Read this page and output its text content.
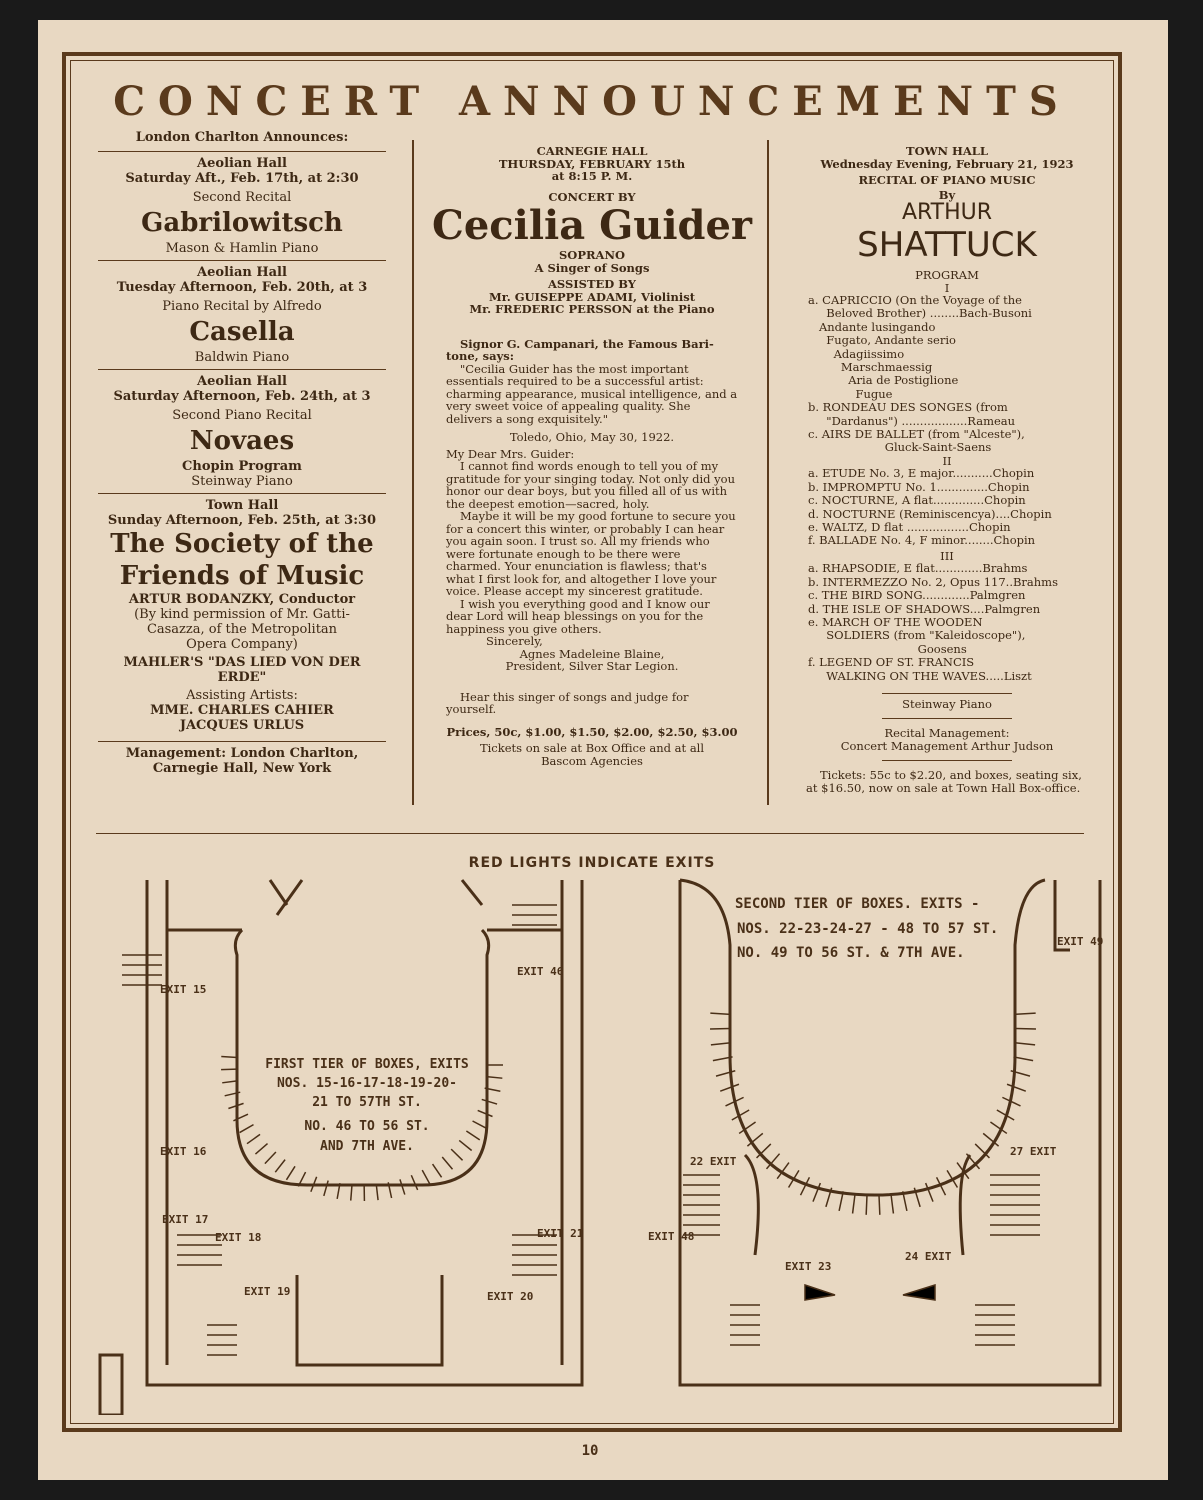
CONCERT ANNOUNCEMENTS

London Charlton Announces:

Aeolian Hall

Saturday Aft., Feb. 17th, at 2:30

Second Recital

Gabrilowitsch

Mason & Hamlin Piano

Aeolian Hall

Tuesday Afternoon, Feb. 20th, at 3

Piano Recital by Alfredo

Casella

Baldwin Piano

Aeolian Hall

Saturday Afternoon, Feb. 24th, at 3

Second Piano Recital

Novaes

Chopin Program

Steinway Piano

Town Hall

Sunday Afternoon, Feb. 25th, at 3:30

The Society of the

Friends of Music

ARTUR BODANZKY, Conductor

(By kind permission of Mr. Gatti-

Casazza, of the Metropolitan

Opera Company)

MAHLER'S "DAS LIED VON DER

ERDE"

Assisting Artists:

MME. CHARLES CAHIER

JACQUES URLUS

Management: London Charlton,

Carnegie Hall, New York

CARNEGIE HALL

THURSDAY, FEBRUARY 15th

at 8:15 P. M.

CONCERT BY

Cecilia Guider

SOPRANO

A Singer of Songs

ASSISTED BY

Mr. GUISEPPE ADAMI, Violinist

Mr. FREDERIC PERSSON at the Piano

Signor G. Campanari, the Famous Bari-

tone, says:

"Cecilia Guider has the most important essentials required to be a successful artist: charming appearance, musical intelligence, and a very sweet voice of appealing quality. She delivers a song exquisitely."

Toledo, Ohio, May 30, 1922.

My Dear Mrs. Guider:

I cannot find words enough to tell you of my gratitude for your singing today. Not only did you honor our dear boys, but you filled all of us with the deepest emotion—sacred, holy.

Maybe it will be my good fortune to secure you for a concert this winter, or probably I can hear you again soon. I trust so. All my friends who were fortunate enough to be there were charmed. Your enunciation is flawless; that's what I first look for, and altogether I love your voice. Please accept my sincerest gratitude.

I wish you everything good and I know our dear Lord will heap blessings on you for the happiness you give others.

Sincerely,

Agnes Madeleine Blaine,

President, Silver Star Legion.

Hear this singer of songs and judge for yourself.

Prices, 50c, $1.00, $1.50, $2.00, $2.50, $3.00

Tickets on sale at Box Office and at all

Bascom Agencies

TOWN HALL

Wednesday Evening, February 21, 1923

RECITAL OF PIANO MUSIC

By

ARTHUR

SHATTUCK

PROGRAM

I

a. CAPRICCIO (On the Voyage of the

Beloved Brother) ........Bach-Busoni

Andante lusingando

Fugato, Andante serio

Adagiissimo

Marschmaessig

Aria de Postiglione

Fugue

b. RONDEAU DES SONGES (from

"Dardanus") ..................Rameau

c. AIRS DE BALLET (from "Alceste"),

Gluck-Saint-Saens

II

a. ETUDE No. 3, E major...........Chopin

b. IMPROMPTU No. 1..............Chopin

c. NOCTURNE, A flat..............Chopin

d. NOCTURNE (Reminiscencya)....Chopin

e. WALTZ, D flat .................Chopin

f. BALLADE No. 4, F minor........Chopin

III

a. RHAPSODIE, E flat.............Brahms

b. INTERMEZZO No. 2, Opus 117..Brahms

c. THE BIRD SONG.............Palmgren

d. THE ISLE OF SHADOWS....Palmgren

e. MARCH OF THE WOODEN

SOLDIERS (from "Kaleidoscope"),

Goosens

f. LEGEND OF ST. FRANCIS

WALKING ON THE WAVES.....Liszt

Steinway Piano

Recital Management:

Concert Management Arthur Judson

Tickets: 55c to $2.20, and boxes, seating six, at $16.50, now on sale at Town Hall Box-office.

RED LIGHTS INDICATE EXITS
EXIT 15
EXIT 16
EXIT 17
EXIT 18
EXIT 19	EXIT 20
EXIT 21
EXIT 46
FIRST TIER OF BOXES, EXITS
NOS. 15-16-17-18-19-20-
21 TO 57TH ST.
NO. 46 TO 56 ST.
AND 7TH AVE.
SECOND TIER OF BOXES. EXITS -
NOS. 22-23-24-27 - 48 TO 57 ST.
NO. 49 TO 56 ST. & 7TH AVE.
EXIT 49
22 EXIT
27 EXIT
EXIT 48
EXIT 23
24 EXIT
10
